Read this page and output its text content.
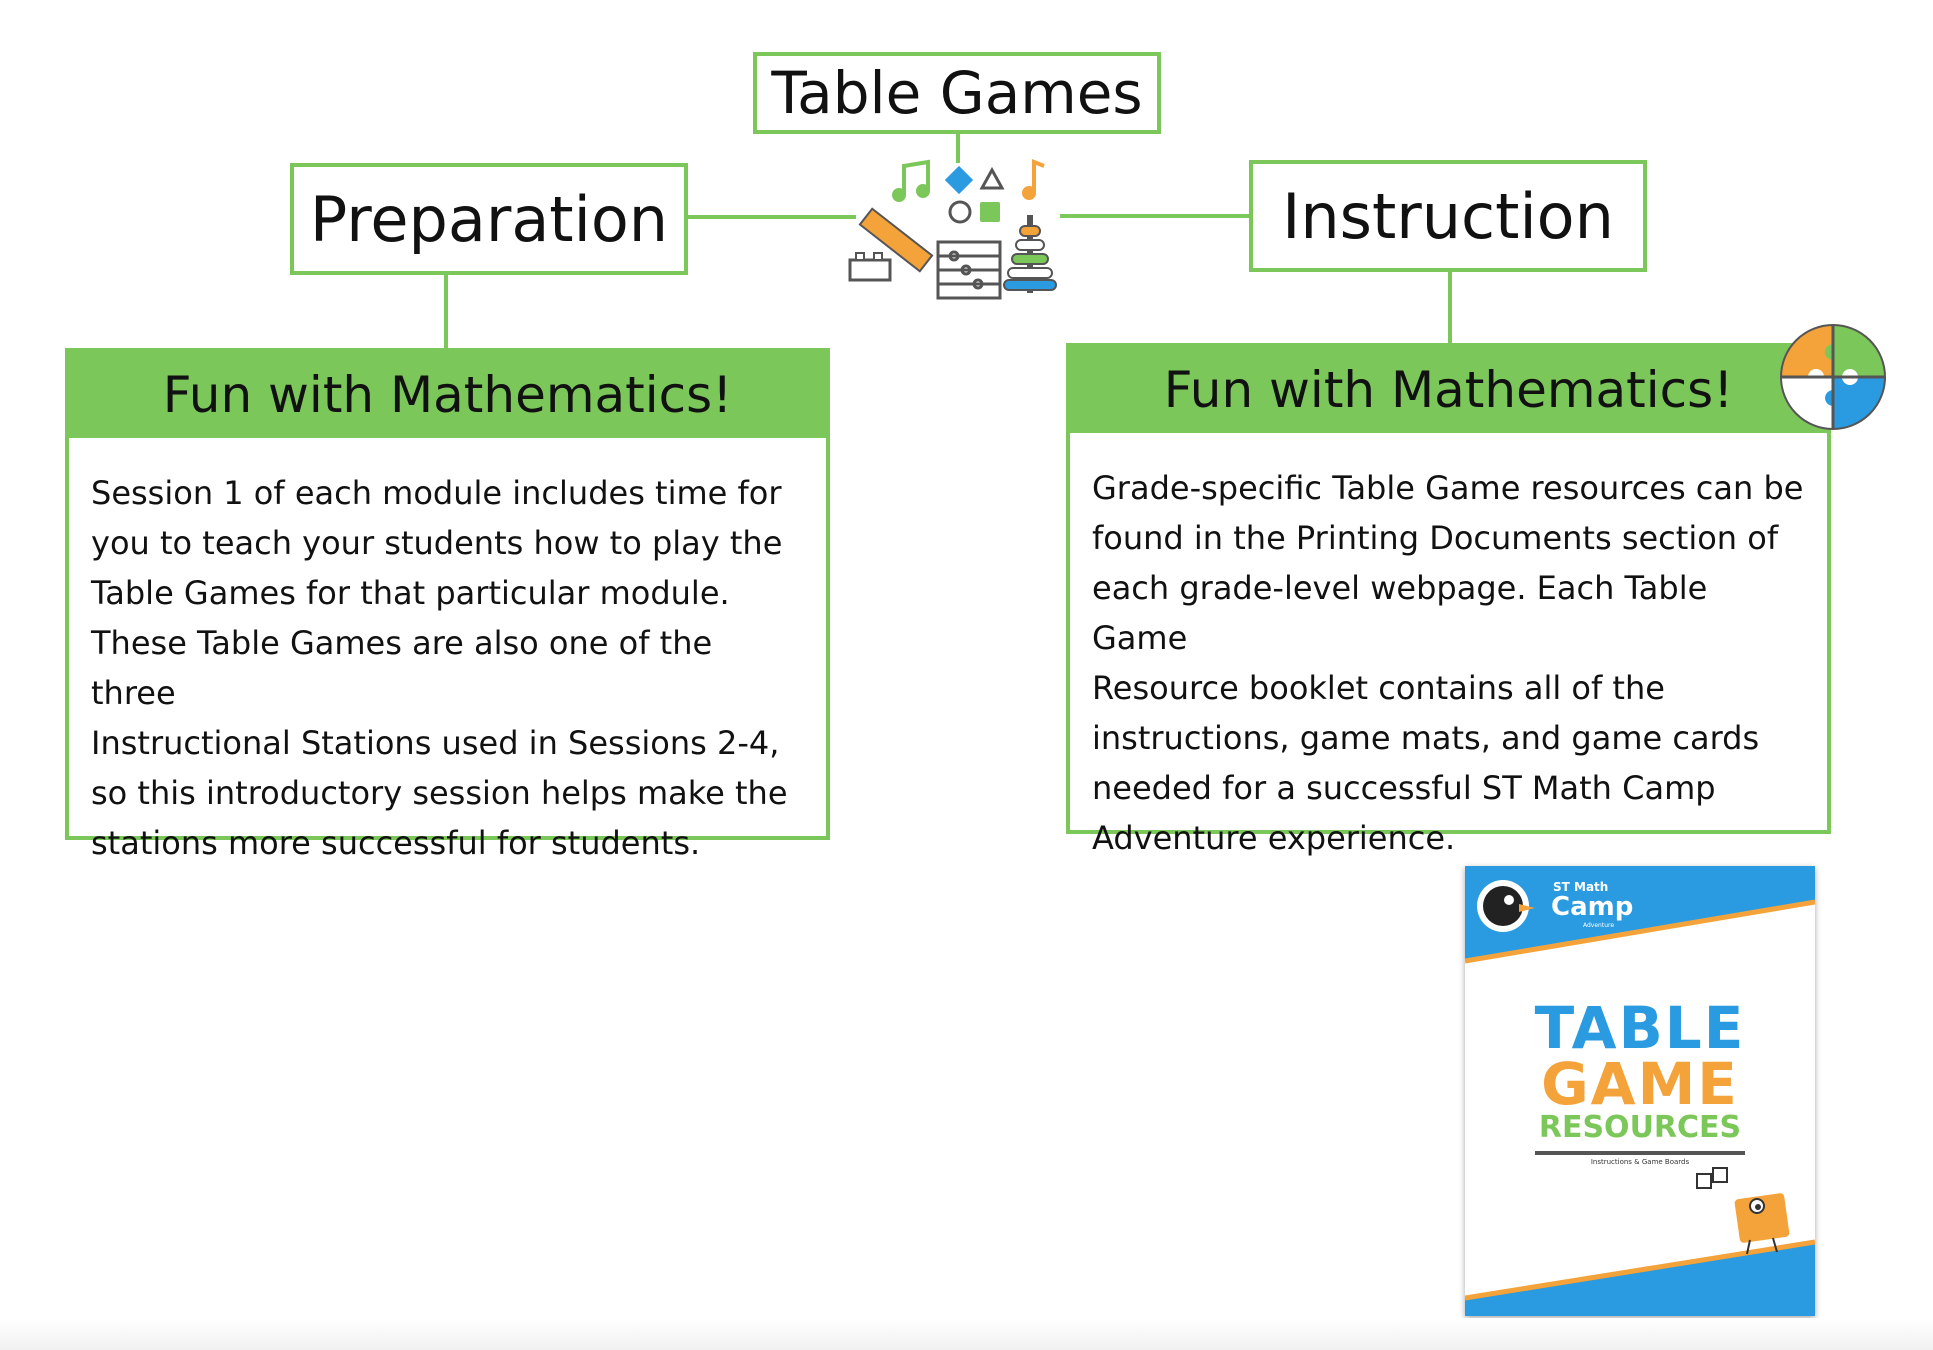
Table Games
Preparation	Instruction
Fun with Mathematics!
Session 1 of each module includes time for
you to teach your students how to play the
Table Games for that particular module.
These Table Games are also one of the three
Instructional Stations used in Sessions 2-4,
so this introductory session helps make the
stations more successful for students.
Fun with Mathematics!
Grade-specific Table Game resources can be
found in the Printing Documents section of
each grade-level webpage. Each Table Game
Resource booklet contains all of the
instructions, game mats, and game cards
needed for a successful ST Math Camp
Adventure experience.
ST Math
Camp
Adventure
TABLE
GAME
RESOURCES
Instructions & Game Boards
